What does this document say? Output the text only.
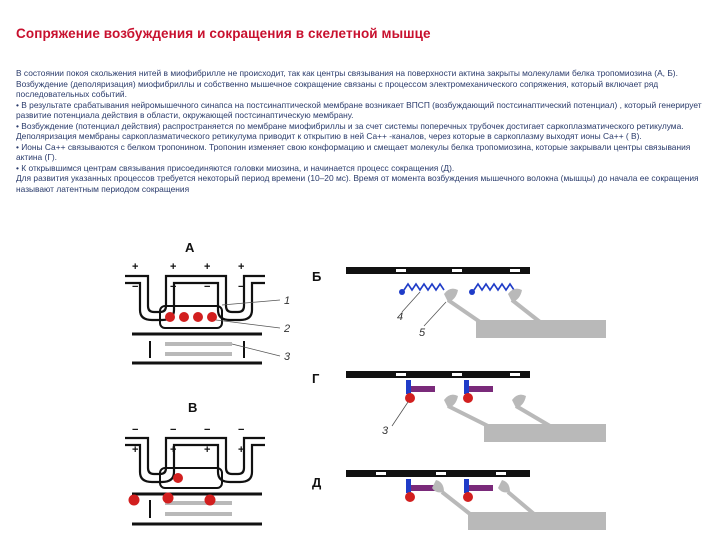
Сопряжение возбуждения и сокращения в скелетной мышце

В состоянии покоя скольжения нитей в миофибрилле не происходит, так как центры связывания на поверхности актина закрыты молекулами белка тропомиозина (А, Б). Возбуждение (деполяризация) миофибриллы и собственно мышечное сокращение связаны с процессом электромеханического сопряжения, который включает ряд последовательных событий.

• В результате срабатывания нейромышечного синапса на постсинаптической мембране возникает ВПСП (возбуждающий постсинаптический потенциал) , который генерирует развитие потенциала действия в области, окружающей постсинаптическую мембрану.

• Возбуждение (потенциал действия) распространяется по мембране миофибриллы и за счет системы поперечных трубочек достигает саркоплазматического ретикулума. Деполяризация мембраны саркоплазматического ретикулума приводит к открытию в ней Са++ -каналов, через которые в саркоплазму выходят ионы Са++ ( В).

• Ионы Са++ связываются с белком тропонином. Тропонин изменяет свою конформацию и смещает молекулы белка тропомиозина, которые закрывали центры связывания актина (Г).

• К открывшимся центрам связывания присоединяются головки миозина, и начинается процесс сокращения (Д).

Для развития указанных процессов требуется некоторый период времени (10–20 мс). Время от момента возбуждения мышечного волокна (мышцы) до начала ее сокращения называют латентным периодом сокращения

А
+	+	+	+
−	−	−	−
1
2
3
В
−	−	−	−
+	+	+	+
Б
4
5
Г
3
Д
